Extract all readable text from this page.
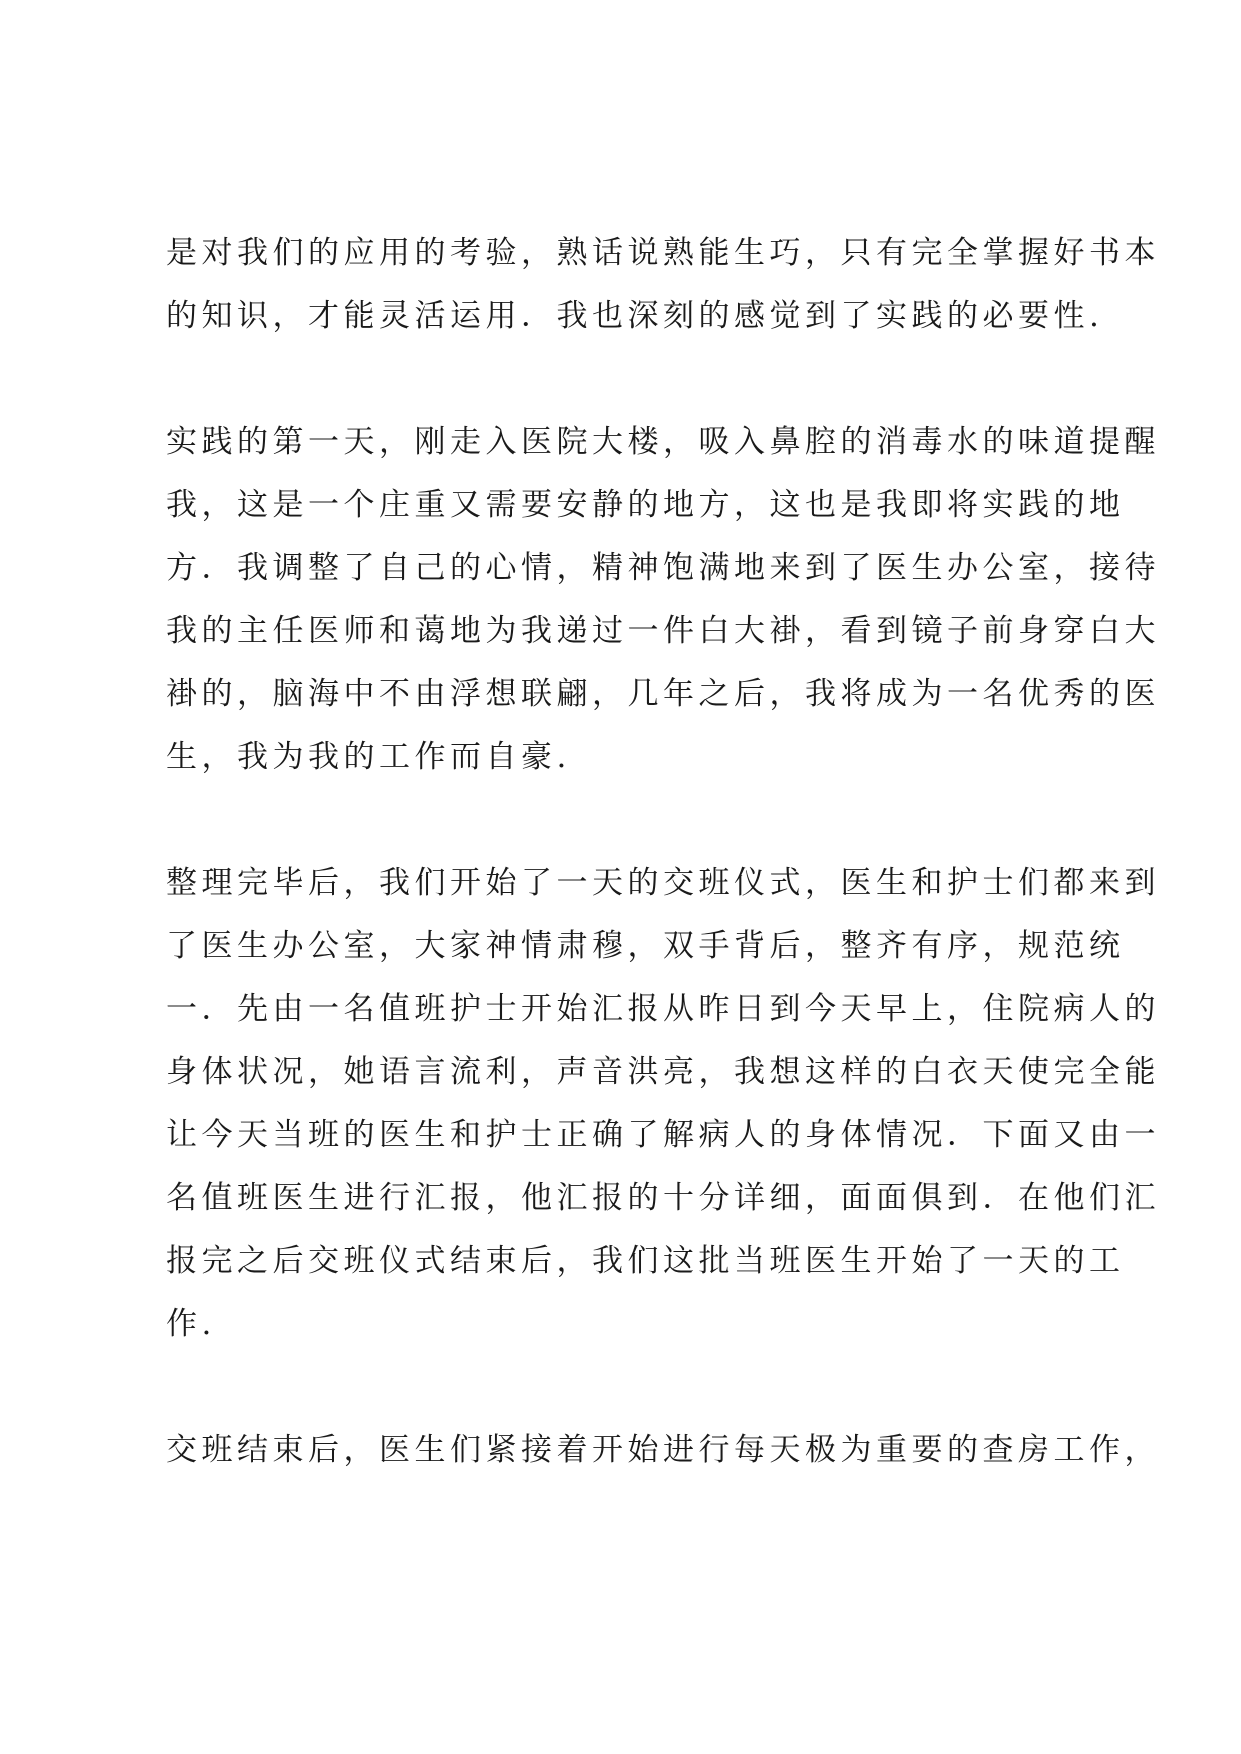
是对我们的应用的考验，熟话说熟能生巧，只有完全掌握好书本
的知识，才能灵活运用．我也深刻的感觉到了实践的必要性.
实践的第一天，刚走入医院大楼，吸入鼻腔的消毒水的味道提醒
我，这是一个庄重又需要安静的地方，这也是我即将实践的地
方．我调整了自己的心情，精神饱满地来到了医生办公室，接待
我的主任医师和蔼地为我递过一件白大褂，看到镜子前身穿白大
褂的，脑海中不由浮想联翩，几年之后，我将成为一名优秀的医
生，我为我的工作而自豪.
整理完毕后，我们开始了一天的交班仪式，医生和护士们都来到
了医生办公室，大家神情肃穆，双手背后，整齐有序，规范统
一．先由一名值班护士开始汇报从昨日到今天早上，住院病人的
身体状况，她语言流利，声音洪亮，我想这样的白衣天使完全能
让今天当班的医生和护士正确了解病人的身体情况．下面又由一
名值班医生进行汇报，他汇报的十分详细，面面俱到．在他们汇
报完之后交班仪式结束后，我们这批当班医生开始了一天的工
作.
交班结束后，医生们紧接着开始进行每天极为重要的查房工作，
